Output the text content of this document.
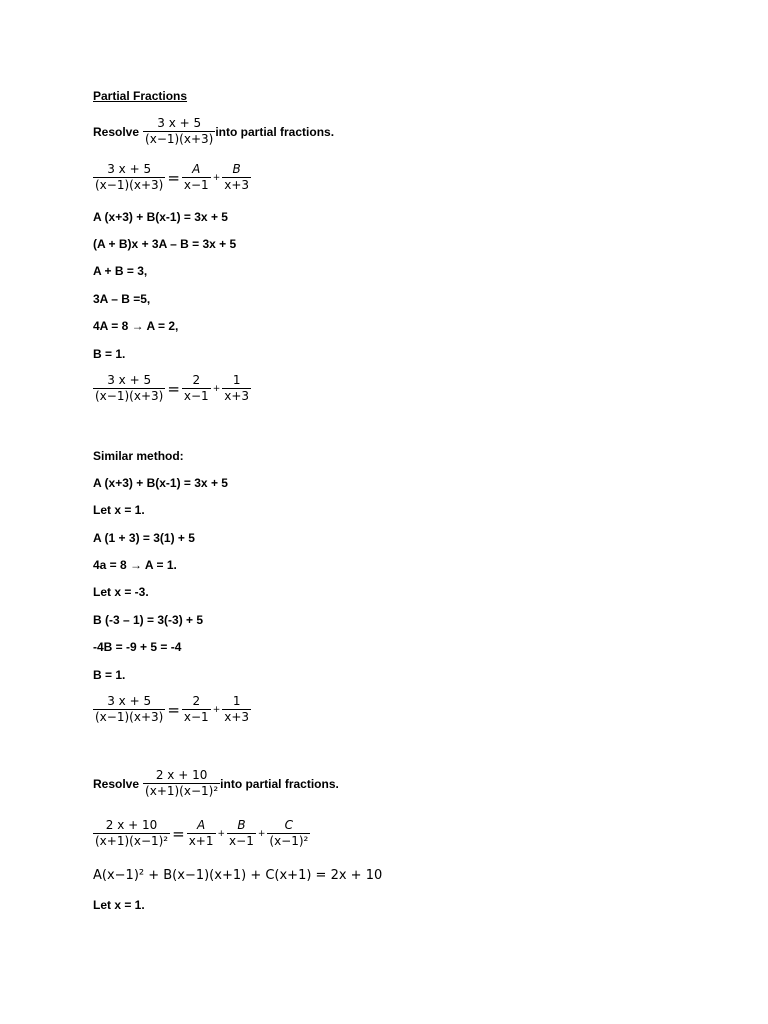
Partial Fractions
Resolve $\frac{3 x + 5}{(x-1)(x+3)}$ into partial fractions.
$\frac{3 x + 5}{(x-1)(x+3)} = \frac{A}{x-1} + \frac{B}{x+3}$
A (x+3) + B(x-1) = 3x + 5
(A + B)x + 3A – B = 3x + 5
A + B = 3,
3A – B =5,
4A = 8 → A = 2,
B = 1.
$\frac{3 x + 5}{(x-1)(x+3)} = \frac{2}{x-1} + \frac{1}{x+3}$
Similar method:
A (x+3) + B(x-1) = 3x + 5
Let x = 1.
A (1 + 3) = 3(1) + 5
4a = 8 → A = 1.
Let x = -3.
B (-3 – 1) = 3(-3) + 5
-4B = -9 + 5 = -4
B = 1.
$\frac{3 x + 5}{(x-1)(x+3)} = \frac{2}{x-1} + \frac{1}{x+3}$
Resolve $\frac{2 x + 10}{\text{(x+1)(x−1)²}}$ into partial fractions.
$\frac{2 x + 10}{\text{(x+1)(x−1)²}} = \frac{A}{x+1} + \frac{B}{x-1} + \frac{C}{\text{(x−1)²}}$
A(x−1)² + B(x−1)(x+1) + C(x+1) = 2x + 10
Let x = 1.
